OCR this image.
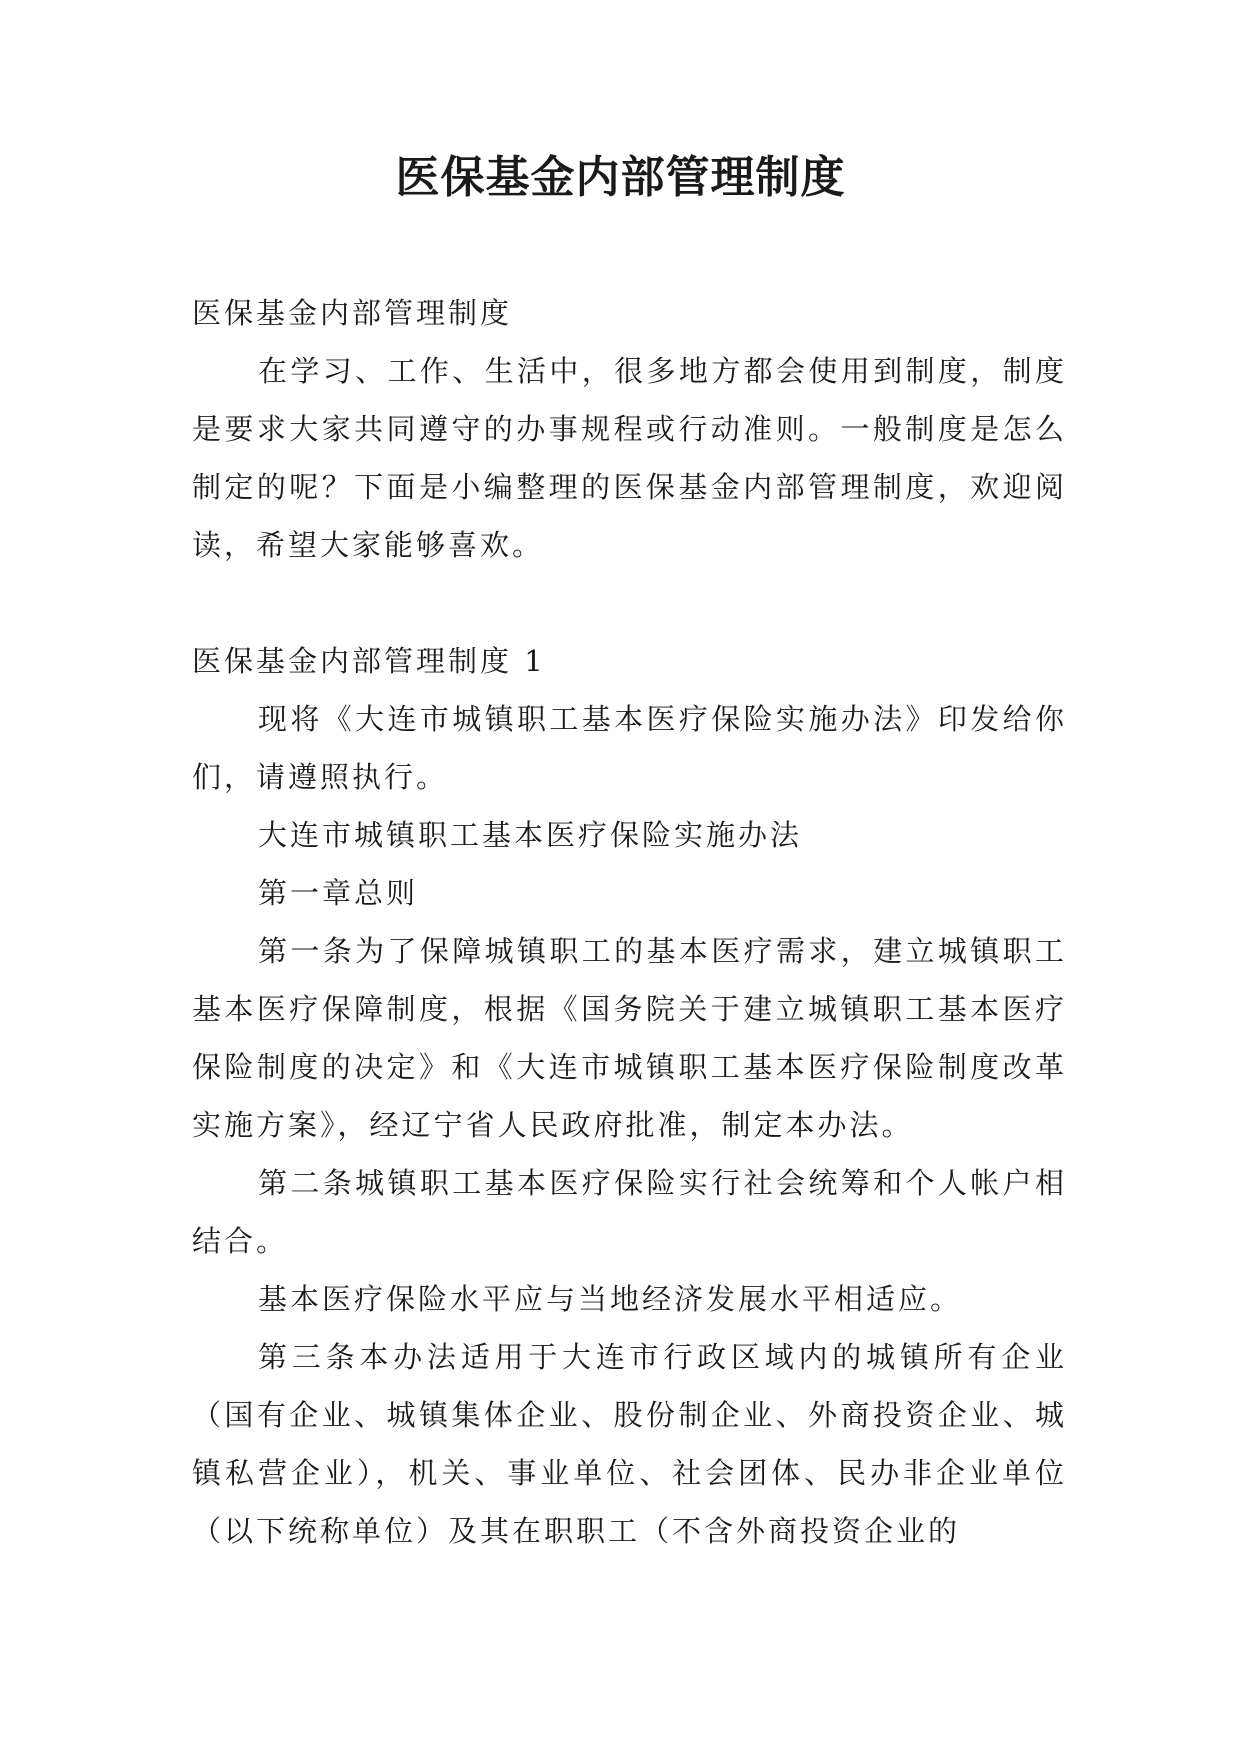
医保基金内部管理制度

医保基金内部管理制度

在学习、工作、生活中，很多地方都会使用到制度，制度是要求大家共同遵守的办事规程或行动准则。一般制度是怎么制定的呢？下面是小编整理的医保基金内部管理制度，欢迎阅读，希望大家能够喜欢。

医保基金内部管理制度 1

现将《大连市城镇职工基本医疗保险实施办法》印发给你们，请遵照执行。

大连市城镇职工基本医疗保险实施办法

第一章总则

第一条为了保障城镇职工的基本医疗需求，建立城镇职工基本医疗保障制度，根据《国务院关于建立城镇职工基本医疗保险制度的决定》和《大连市城镇职工基本医疗保险制度改革实施方案》，经辽宁省人民政府批准，制定本办法。

第二条城镇职工基本医疗保险实行社会统筹和个人帐户相结合。

基本医疗保险水平应与当地经济发展水平相适应。

第三条本办法适用于大连市行政区域内的城镇所有企业（国有企业、城镇集体企业、股份制企业、外商投资企业、城镇私营企业），机关、事业单位、社会团体、民办非企业单位（以下统称单位）及其在职职工（不含外商投资企业的
